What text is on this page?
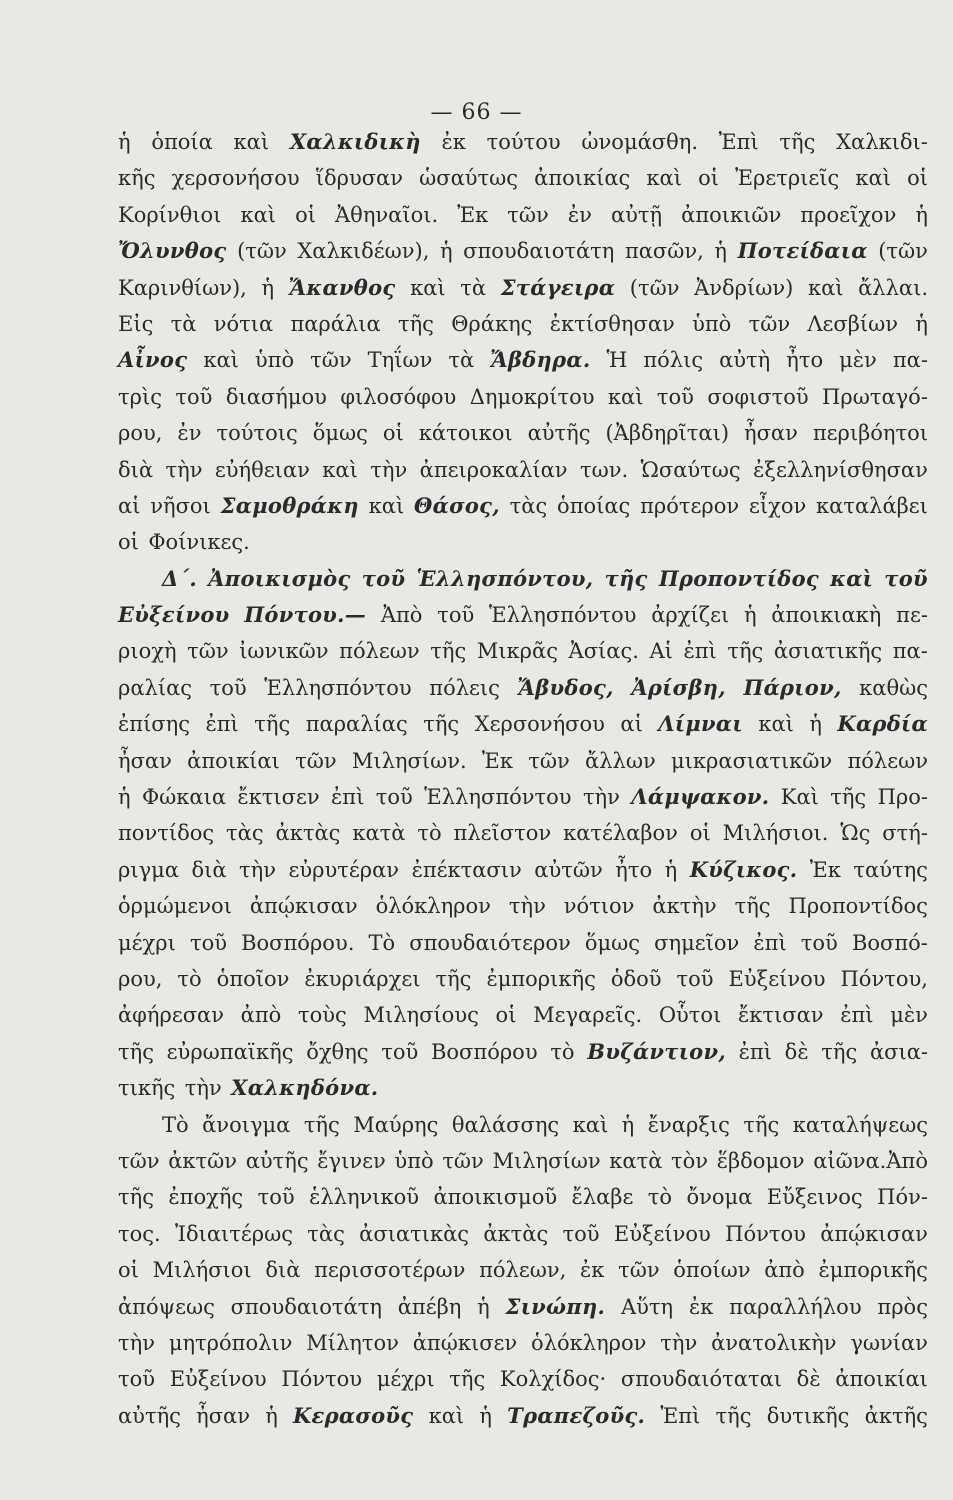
— 66 —
ἡ ὁποία καὶ Χαλκιδικὴ ἐκ τούτου ὠνομάσθη. Ἐπὶ τῆς Χαλκιδι-
κῆς χερσονήσου ἵδρυσαν ὡσαύτως ἀποικίας καὶ οἱ Ἐρετριεῖς καὶ οἱ
Κορίνθιοι καὶ οἱ Ἀθηναῖοι. Ἐκ τῶν ἐν αὐτῇ ἀποικιῶν προεῖχον ἡ
Ὄλυνθος (τῶν Χαλκιδέων), ἡ σπουδαιοτάτη πασῶν, ἡ Ποτείδαια (τῶν
Καρινθίων), ἡ Ἄκανθος καὶ τὰ Στάγειρα (τῶν Ἀνδρίων) καὶ ἄλλαι.
Εἰς τὰ νότια παράλια τῆς Θράκης ἐκτίσθησαν ὑπὸ τῶν Λεσβίων ἡ
Αἶνος καὶ ὑπὸ τῶν Τηΐων τὰ Ἄβδηρα. Ἡ πόλις αὐτὴ ἦτο μὲν πα-
τρὶς τοῦ διασήμου φιλοσόφου Δημοκρίτου καὶ τοῦ σοφιστοῦ Πρωταγό-
ρου, ἐν τούτοις ὅμως οἱ κάτοικοι αὐτῆς (Ἀβδηρῖται) ἦσαν περιβόητοι
διὰ τὴν εὐήθειαν καὶ τὴν ἀπειροκαλίαν των. Ὡσαύτως ἐξελληνίσθησαν
αἱ νῆσοι Σαμοθράκη καὶ Θάσος, τὰς ὁποίας πρότερον εἶχον καταλάβει
οἱ Φοίνικες.
Δ΄. Ἀποικισμὸς τοῦ Ἑλλησπόντου, τῆς Προποντίδος καὶ τοῦ
Εὐξείνου Πόντου.— Ἀπὸ τοῦ Ἑλλησπόντου ἀρχίζει ἡ ἀποικιακὴ πε-
ριοχὴ τῶν ἰωνικῶν πόλεων τῆς Μικρᾶς Ἀσίας. Αἱ ἐπὶ τῆς ἀσιατικῆς πα-
ραλίας τοῦ Ἑλλησπόντου πόλεις Ἄβυδος, Ἀρίσβη, Πάριον, καθὼς
ἐπίσης ἐπὶ τῆς παραλίας τῆς Χερσονήσου αἱ Λίμναι καὶ ἡ Καρδία
ἦσαν ἀποικίαι τῶν Μιλησίων. Ἐκ τῶν ἄλλων μικρασιατικῶν πόλεων
ἡ Φώκαια ἔκτισεν ἐπὶ τοῦ Ἑλλησπόντου τὴν Λάμψακον. Καὶ τῆς Προ-
ποντίδος τὰς ἀκτὰς κατὰ τὸ πλεῖστον κατέλαβον οἱ Μιλήσιοι. Ὡς στή-
ριγμα διὰ τὴν εὐρυτέραν ἐπέκτασιν αὐτῶν ἦτο ἡ Κύζικος. Ἐκ ταύτης
ὁρμώμενοι ἀπῴκισαν ὁλόκληρον τὴν νότιον ἀκτὴν τῆς Προποντίδος
μέχρι τοῦ Βοσπόρου. Τὸ σπουδαιότερον ὅμως σημεῖον ἐπὶ τοῦ Βοσπό-
ρου, τὸ ὁποῖον ἐκυριάρχει τῆς ἐμπορικῆς ὁδοῦ τοῦ Εὐξείνου Πόντου,
ἀφήρεσαν ἀπὸ τοὺς Μιλησίους οἱ Μεγαρεῖς. Οὗτοι ἔκτισαν ἐπὶ μὲν
τῆς εὐρωπαϊκῆς ὄχθης τοῦ Βοσπόρου τὸ Βυζάντιον, ἐπὶ δὲ τῆς ἀσια-
τικῆς τὴν Χαλκηδόνα.
Τὸ ἄνοιγμα τῆς Μαύρης θαλάσσης καὶ ἡ ἔναρξις τῆς καταλήψεως
τῶν ἀκτῶν αὐτῆς ἔγινεν ὑπὸ τῶν Μιλησίων κατὰ τὸν ἕβδομον αἰῶνα.Ἀπὸ
τῆς ἐποχῆς τοῦ ἑλληνικοῦ ἀποικισμοῦ ἔλαβε τὸ ὄνομα Εὔξεινος Πόν-
τος. Ἰδιαιτέρως τὰς ἀσιατικὰς ἀκτὰς τοῦ Εὐξείνου Πόντου ἀπῴκισαν
οἱ Μιλήσιοι διὰ περισσοτέρων πόλεων, ἐκ τῶν ὁποίων ἀπὸ ἐμπορικῆς
ἀπόψεως σπουδαιοτάτη ἀπέβη ἡ Σινώπη. Αὕτη ἐκ παραλλήλου πρὸς
τὴν μητρόπολιν Μίλητον ἀπῴκισεν ὁλόκληρον τὴν ἀνατολικὴν γωνίαν
τοῦ Εὐξείνου Πόντου μέχρι τῆς Κολχίδος· σπουδαιόταται δὲ ἀποικίαι
αὐτῆς ἦσαν ἡ Κερασοῦς καὶ ἡ Τραπεζοῦς. Ἐπὶ τῆς δυτικῆς ἀκτῆς
